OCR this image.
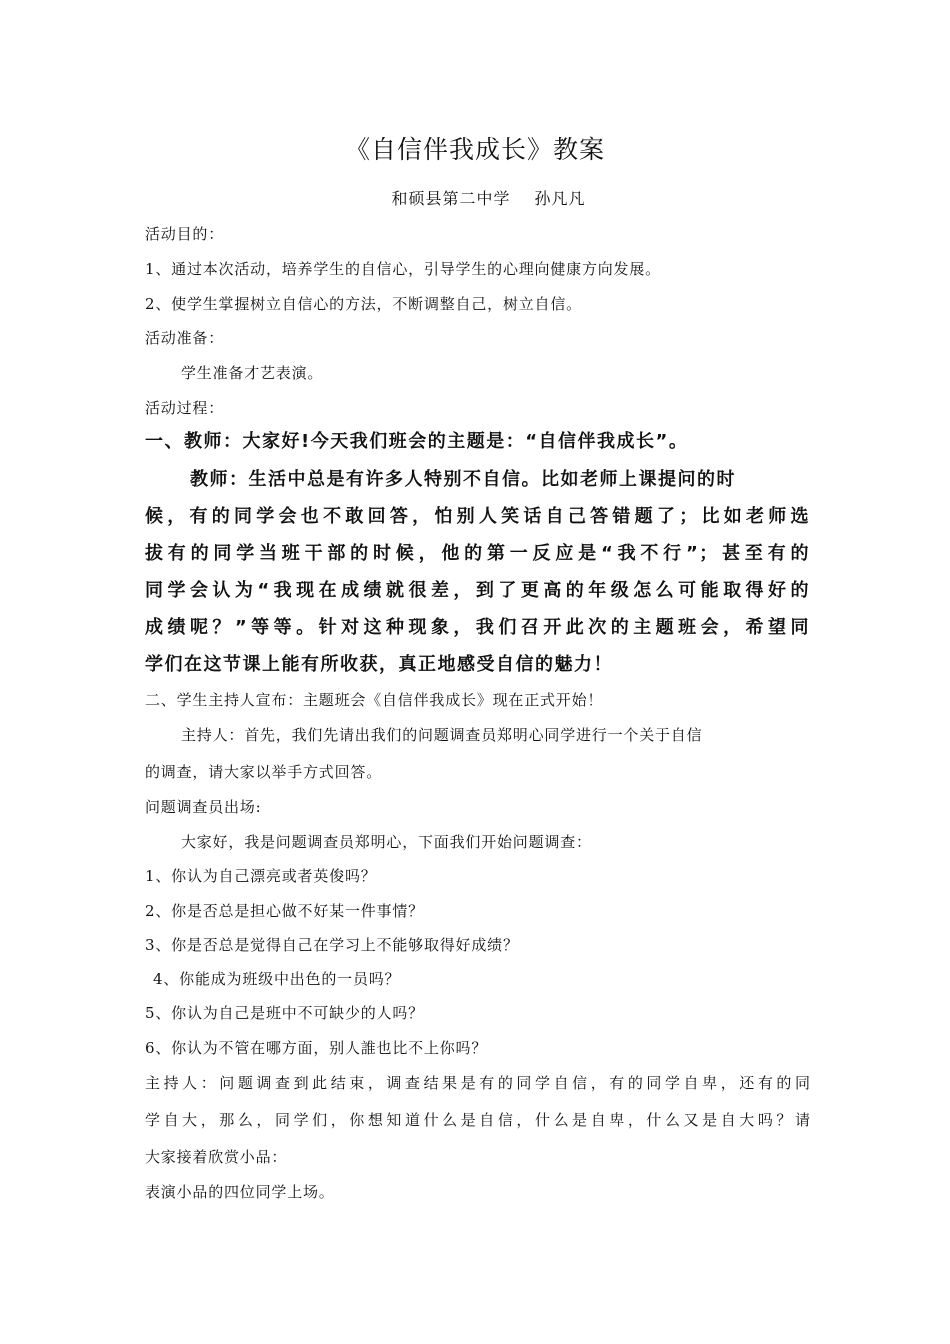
《自信伴我成长》教案
和硕县第二中学 孙凡凡
活动目的：
1、通过本次活动，培养学生的自信心，引导学生的心理向健康方向发展。
2、使学生掌握树立自信心的方法，不断调整自己，树立自信。
活动准备：
学生准备才艺表演。
活动过程：
一、教师：大家好!今天我们班会的主题是：“自信伴我成长”。
教师：生活中总是有许多人特别不自信。比如老师上课提问的时
候，有的同学会也不敢回答，怕别人笑话自己答错题了；比如老师选
拔有的同学当班干部的时候，他的第一反应是“我不行”；甚至有的
同学会认为“我现在成绩就很差，到了更高的年级怎么可能取得好的
成绩呢？”等等。针对这种现象，我们召开此次的主题班会，希望同
学们在这节课上能有所收获，真正地感受自信的魅力！
二、学生主持人宣布：主题班会《自信伴我成长》现在正式开始！
主持人：首先，我们先请出我们的问题调查员郑明心同学进行一个关于自信
的调查，请大家以举手方式回答。
问题调查员出场:
大家好，我是问题调查员郑明心，下面我们开始问题调查：
1、你认为自己漂亮或者英俊吗？
2、你是否总是担心做不好某一件事情？
3、你是否总是觉得自己在学习上不能够取得好成绩？
4、你能成为班级中出色的一员吗？
5、你认为自己是班中不可缺少的人吗？
6、你认为不管在哪方面，别人誰也比不上你吗？
主持人：问题调查到此结束，调查结果是有的同学自信，有的同学自卑，还有的同
学自大，那么，同学们，你想知道什么是自信，什么是自卑，什么又是自大吗？请
大家接着欣赏小品：
表演小品的四位同学上场。
